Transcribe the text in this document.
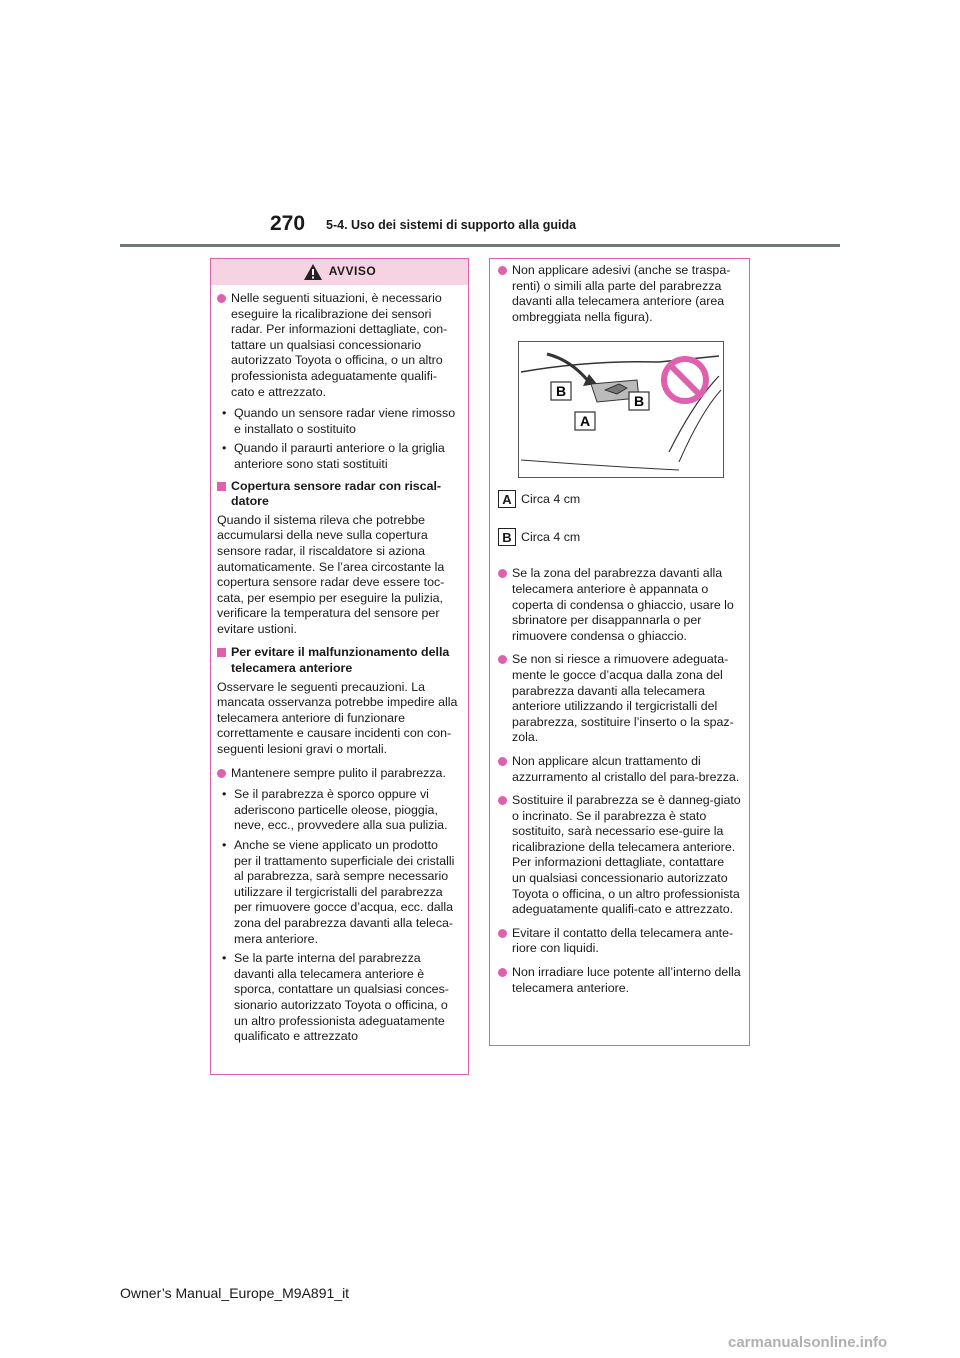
270 5-4. Uso dei sistemi di supporto alla guida
AVVISO
Nelle seguenti situazioni, è necessario eseguire la ricalibrazione dei sensori radar. Per informazioni dettagliate, con-tattare un qualsiasi concessionario autorizzato Toyota o officina, o un altro professionista adeguatamente qualifi-cato e attrezzato.
• Quando un sensore radar viene rimosso e installato o sostituito
• Quando il paraurti anteriore o la griglia anteriore sono stati sostituiti
Copertura sensore radar con riscal-datore
Quando il sistema rileva che potrebbe accumularsi della neve sulla copertura sensore radar, il riscaldatore si aziona automaticamente. Se l’area circostante la copertura sensore radar deve essere toc-cata, per esempio per eseguire la pulizia, verificare la temperatura del sensore per evitare ustioni.
Per evitare il malfunzionamento della telecamera anteriore
Osservare le seguenti precauzioni. La mancata osservanza potrebbe impedire alla telecamera anteriore di funzionare correttamente e causare incidenti con con-seguenti lesioni gravi o mortali.
Mantenere sempre pulito il parabrezza.
• Se il parabrezza è sporco oppure vi aderiscono particelle oleose, pioggia, neve, ecc., provvedere alla sua pulizia.
• Anche se viene applicato un prodotto per il trattamento superficiale dei cristalli al parabrezza, sarà sempre necessario utilizzare il tergicristalli del parabrezza per rimuovere gocce d’acqua, ecc. dalla zona del parabrezza davanti alla teleca-mera anteriore.
• Se la parte interna del parabrezza davanti alla telecamera anteriore è sporca, contattare un qualsiasi conces-sionario autorizzato Toyota o officina, o un altro professionista adeguatamente qualificato e attrezzato
Non applicare adesivi (anche se traspa-renti) o simili alla parte del parabrezza davanti alla telecamera anteriore (area ombreggiata nella figura).
B
B
A
A Circa 4 cm
B Circa 4 cm
Se la zona del parabrezza davanti alla telecamera anteriore è appannata o coperta di condensa o ghiaccio, usare lo sbrinatore per disappannarla o per rimuovere condensa o ghiaccio.
Se non si riesce a rimuovere adeguata-mente le gocce d’acqua dalla zona del parabrezza davanti alla telecamera anteriore utilizzando il tergicristalli del parabrezza, sostituire l’inserto o la spaz-zola.
Non applicare alcun trattamento di azzurramento al cristallo del para-brezza.
Sostituire il parabrezza se è danneg-giato o incrinato. Se il parabrezza è stato sostituito, sarà necessario ese-guire la ricalibrazione della telecamera anteriore. Per informazioni dettagliate, contattare un qualsiasi concessionario autorizzato Toyota o officina, o un altro professionista adeguatamente qualifi-cato e attrezzato.
Evitare il contatto della telecamera ante-riore con liquidi.
Non irradiare luce potente all’interno della telecamera anteriore.
Owner’s Manual_Europe_M9A891_it
carmanualsonline.info
